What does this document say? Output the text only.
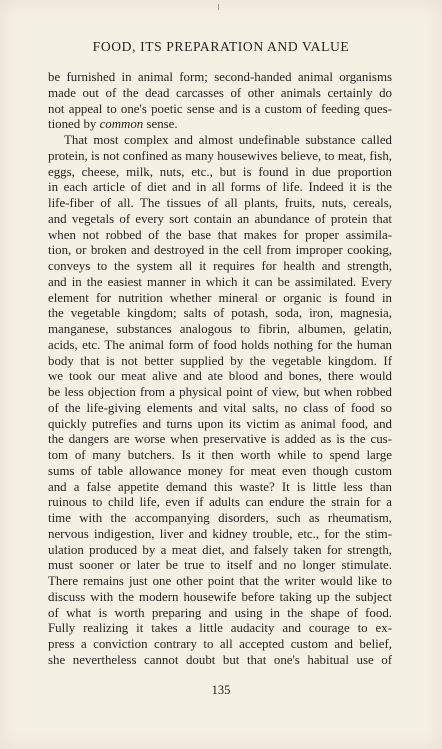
FOOD, ITS PREPARATION AND VALUE
be furnished in animal form; second-handed animal organisms
made out of the dead carcasses of other animals certainly do
not appeal to one's poetic sense and is a custom of feeding ques-
tioned by common sense.
That most complex and almost undefinable substance called
protein, is not confined as many housewives believe, to meat, fish,
eggs, cheese, milk, nuts, etc., but is found in due proportion
in each article of diet and in all forms of life. Indeed it is the
life-fiber of all. The tissues of all plants, fruits, nuts, cereals,
and vegetals of every sort contain an abundance of protein that
when not robbed of the base that makes for proper assimila-
tion, or broken and destroyed in the cell from improper cooking,
conveys to the system all it requires for health and strength,
and in the easiest manner in which it can be assimilated. Every
element for nutrition whether mineral or organic is found in
the vegetable kingdom; salts of potash, soda, iron, magnesia,
manganese, substances analogous to fibrin, albumen, gelatin,
acids, etc. The animal form of food holds nothing for the human
body that is not better supplied by the vegetable kingdom. If
we took our meat alive and ate blood and bones, there would
be less objection from a physical point of view, but when robbed
of the life-giving elements and vital salts, no class of food so
quickly putrefies and turns upon its victim as animal food, and
the dangers are worse when preservative is added as is the cus-
tom of many butchers. Is it then worth while to spend large
sums of table allowance money for meat even though custom
and a false appetite demand this waste? It is little less than
ruinous to child life, even if adults can endure the strain for a
time with the accompanying disorders, such as rheumatism,
nervous indigestion, liver and kidney trouble, etc., for the stim-
ulation produced by a meat diet, and falsely taken for strength,
must sooner or later be true to itself and no longer stimulate.
There remains just one other point that the writer would like to
discuss with the modern housewife before taking up the subject
of what is worth preparing and using in the shape of food.
Fully realizing it takes a little audacity and courage to ex-
press a conviction contrary to all accepted custom and belief,
she nevertheless cannot doubt but that one's habitual use of
135
